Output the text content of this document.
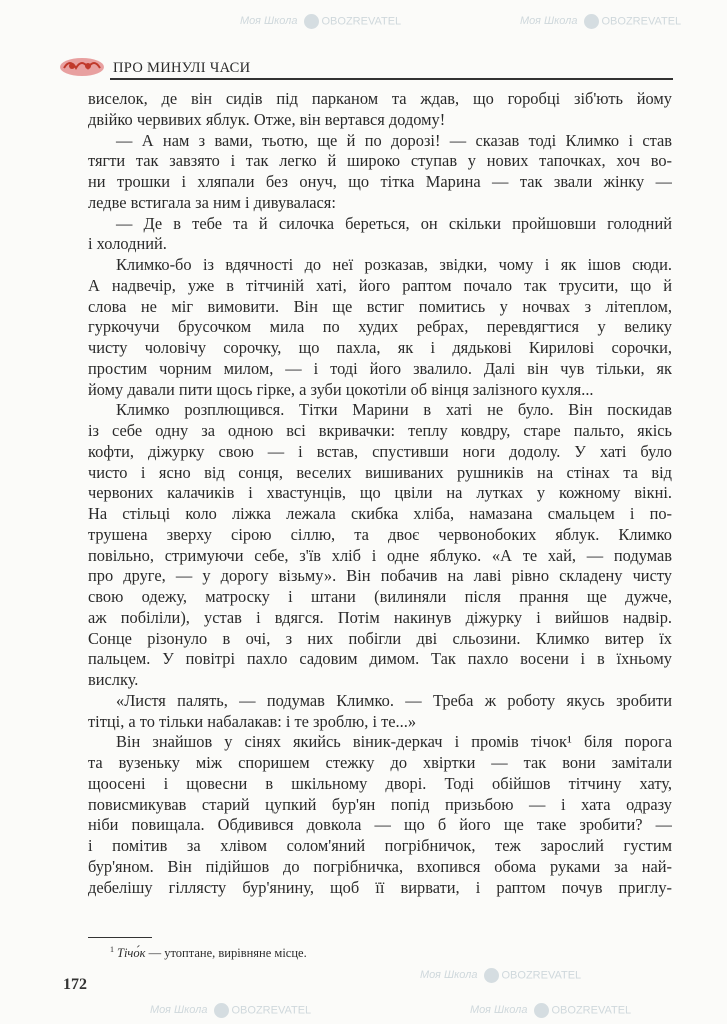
ПРО МИНУЛІ ЧАСИ
виселок, де він сидів під парканом та ждав, що горобці зіб'ють йому
двійко червивих яблук. Отже, він вертався додому!
— А нам з вами, тьотю, ще й по дорозі! — сказав тоді Климко і став
тягти так завзято і так легко й широко ступав у нових тапочках, хоч во-
ни трошки і хляпали без онуч, що тітка Марина — так звали жінку —
ледве встигала за ним і дивувалася:
— Де в тебе та й силочка береться, он скільки пройшовши голодний
і холодний.
Климко-бо із вдячності до неї розказав, звідки, чому і як ішов сюди.
А надвечір, уже в тітчиній хаті, його раптом почало так трусити, що й
слова не міг вимовити. Він ще встиг помитись у ночвах з літеплом,
гуркочучи брусочком мила по худих ребрах, перевдягтися у велику
чисту чоловічу сорочку, що пахла, як і дядькові Кирилові сорочки,
простим чорним милом, — і тоді його звалило. Далі він чув тільки, як
йому давали пити щось гірке, а зуби цокотіли об вінця залізного кухля...
Климко розплющився. Тітки Марини в хаті не було. Він поскидав
із себе одну за одною всі вкривачки: теплу ковдру, старе пальто, якісь
кофти, діжурку свою — і встав, спустивши ноги додолу. У хаті було
чисто і ясно від сонця, веселих вишиваних рушників на стінах та від
червоних калачиків і хвастунців, що цвіли на лутках у кожному вікні.
На стільці коло ліжка лежала скибка хліба, намазана смальцем і по-
трушена зверху сірою сіллю, та двоє червонобоких яблук. Климко
повільно, стримуючи себе, з'їв хліб і одне яблуко. «А те хай, — подумав
про друге, — у дорогу візьму». Він побачив на лаві рівно складену чисту
свою одежу, матроску і штани (вилиняли після прання ще дужче,
аж побіліли), устав і вдягся. Потім накинув діжурку і вийшов надвір.
Сонце різонуло в очі, з них побігли дві сльозини. Климко витер їх
пальцем. У повітрі пахло садовим димом. Так пахло восени і в їхньому
вислку.
«Листя палять, — подумав Климко. — Треба ж роботу якусь зробити
тітці, а то тільки набалакав: і те зроблю, і те...»
Він знайшов у сінях якийсь віник-деркач і промів тічок¹ біля порога
та вузеньку між споришем стежку до хвіртки — так вони замітали
щоосені і щовесни в шкільному дворі. Тоді обійшов тітчину хату,
повисмикував старий цупкий бур'ян попід призьбою — і хата одразу
ніби повищала. Обдивився довкола — що б його ще таке зробити? —
і помітив за хлівом солом'яний погрібничок, теж зарослий густим
бур'яном. Він підійшов до погрібничка, вхопився обома руками за най-
дебелішу гіллясту бур'янину, щоб її вирвати, і раптом почув приглу-
$^1$ Тічо́к — утоптане, вирівняне місце.
172
Моя Школа OBOZREVATEL	Моя Школа OBOZREVATEL
Моя Школа OBOZREVATEL
Моя Школа OBOZREVATEL	Моя Школа OBOZREVATEL
